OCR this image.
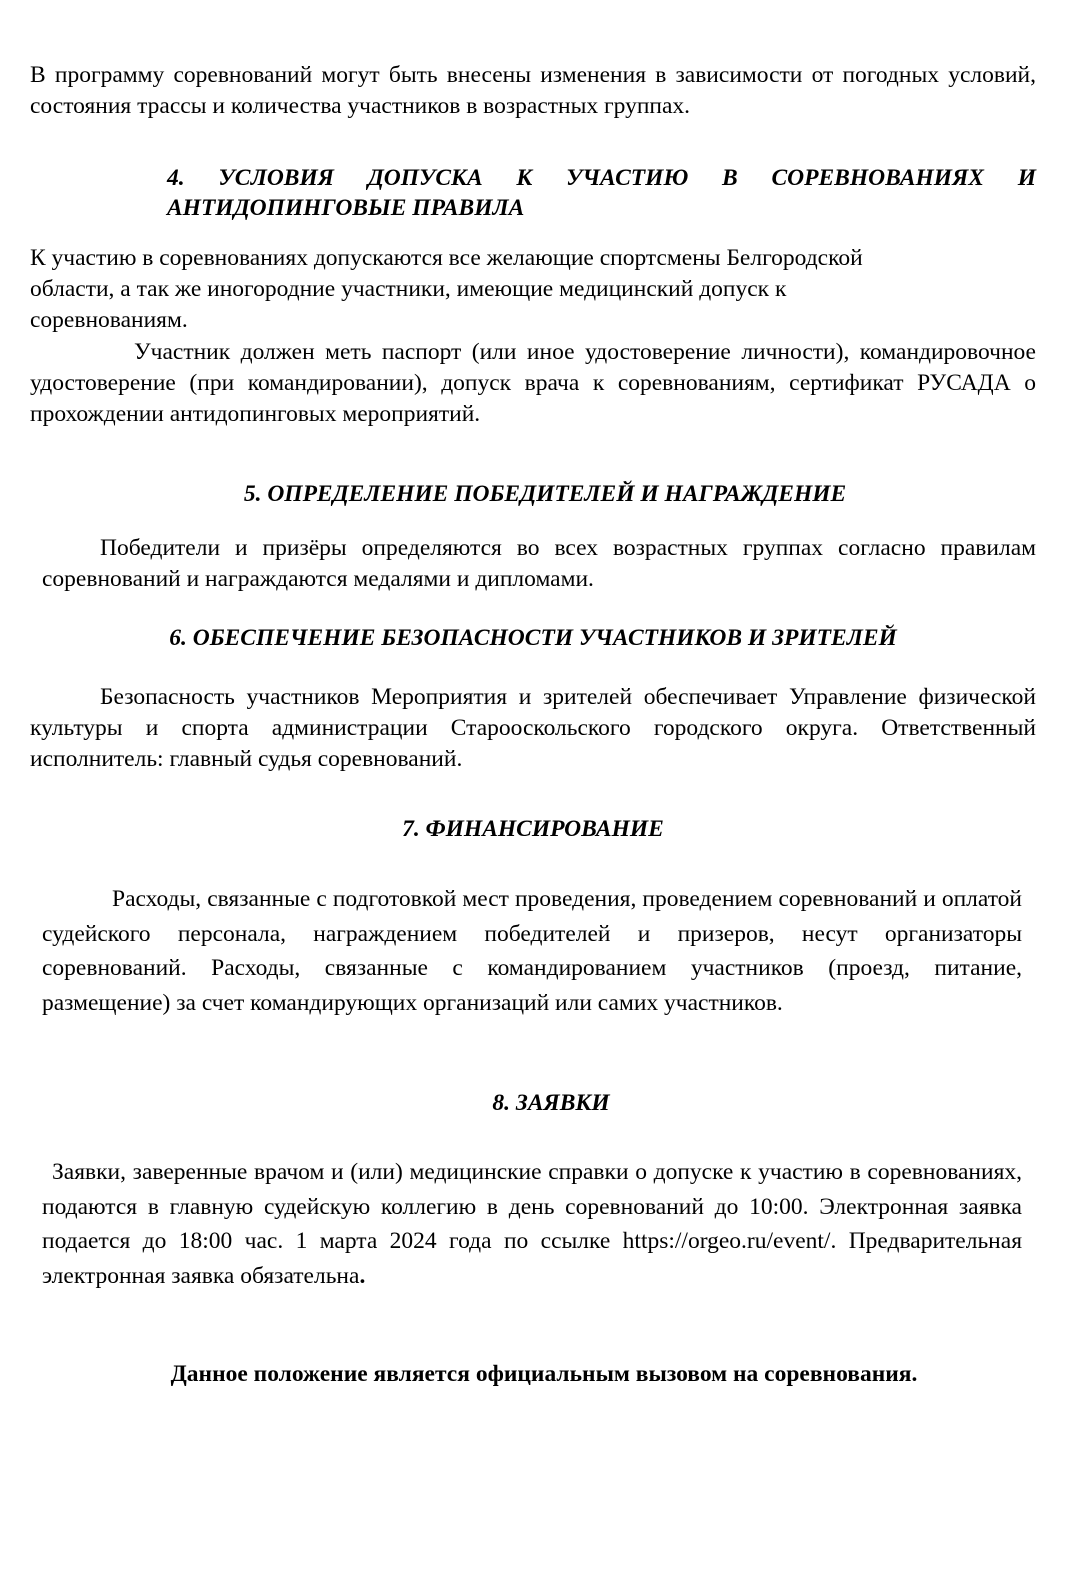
В программу соревнований могут быть внесены изменения в зависимости от погодных условий, состояния трассы и количества участников в возрастных группах.

4. УСЛОВИЯ ДОПУСКА К УЧАСТИЮ В СОРЕВНОВАНИЯХ И АНТИДОПИНГОВЫЕ ПРАВИЛА
К участию в соревнованиях допускаются все желающие спортсмены Белгородской
области, а так же иногородние участники, имеющие медицинский допуск к
соревнованиям.

Участник должен меть паспорт (или иное удостоверение личности), командировочное удостоверение (при командировании), допуск врача к соревнованиям, сертификат РУСАДА о прохождении антидопинговых мероприятий.

5. ОПРЕДЕЛЕНИЕ ПОБЕДИТЕЛЕЙ И НАГРАЖДЕНИЕ

Победители и призёры определяются во всех возрастных группах согласно правилам соревнований и награждаются медалями и дипломами.

6. ОБЕСПЕЧЕНИЕ БЕЗОПАСНОСТИ УЧАСТНИКОВ И ЗРИТЕЛЕЙ

Безопасность участников Мероприятия и зрителей обеспечивает Управление физической культуры и спорта администрации Старооскольского городского округа. Ответственный исполнитель: главный судья соревнований.

7. ФИНАНСИРОВАНИЕ

Расходы, связанные с подготовкой мест проведения, проведением соревнований и оплатой судейского персонала, награждением победителей и призеров, несут организаторы соревнований. Расходы, связанные с командированием участников (проезд, питание, размещение) за счет командирующих организаций или самих участников.

8. ЗАЯВКИ

Заявки, заверенные врачом и (или) медицинские справки о допуске к участию в соревнованиях, подаются в главную судейскую коллегию в день соревнований до 10:00. Электронная заявка подается до 18:00 час. 1 марта 2024 года по ссылке https://orgeo.ru/event/. Предварительная электронная заявка обязательна.

Данное положение является официальным вызовом на соревнования.
